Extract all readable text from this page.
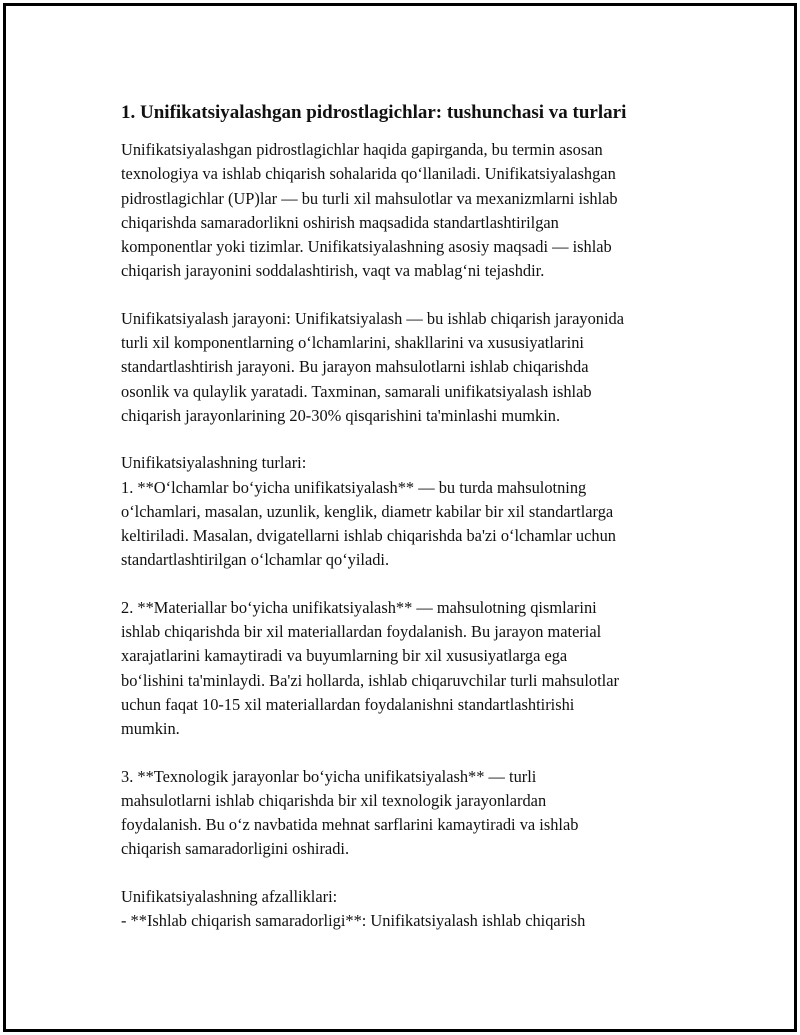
1. Unifikatsiyalashgan pidrostlagichlar: tushunchasi va turlari

Unifikatsiyalashgan pidrostlagichlar haqida gapirganda, bu termin asosan
texnologiya va ishlab chiqarish sohalarida qo‘llaniladi. Unifikatsiyalashgan
pidrostlagichlar (UP)lar — bu turli xil mahsulotlar va mexanizmlarni ishlab
chiqarishda samaradorlikni oshirish maqsadida standartlashtirilgan
komponentlar yoki tizimlar. Unifikatsiyalashning asosiy maqsadi — ishlab
chiqarish jarayonini soddalashtirish, vaqt va mablag‘ni tejashdir.

Unifikatsiyalash jarayoni: Unifikatsiyalash — bu ishlab chiqarish jarayonida
turli xil komponentlarning o‘lchamlarini, shakllarini va xususiyatlarini
standartlashtirish jarayoni. Bu jarayon mahsulotlarni ishlab chiqarishda
osonlik va qulaylik yaratadi. Taxminan, samarali unifikatsiyalash ishlab
chiqarish jarayonlarining 20-30% qisqarishini ta'minlashi mumkin.

Unifikatsiyalashning turlari:
1. **O‘lchamlar bo‘yicha unifikatsiyalash** — bu turda mahsulotning
o‘lchamlari, masalan, uzunlik, kenglik, diametr kabilar bir xil standartlarga
keltiriladi. Masalan, dvigatellarni ishlab chiqarishda ba'zi o‘lchamlar uchun
standartlashtirilgan o‘lchamlar qo‘yiladi.

2. **Materiallar bo‘yicha unifikatsiyalash** — mahsulotning qismlarini
ishlab chiqarishda bir xil materiallardan foydalanish. Bu jarayon material
xarajatlarini kamaytiradi va buyumlarning bir xil xususiyatlarga ega
bo‘lishini ta'minlaydi. Ba'zi hollarda, ishlab chiqaruvchilar turli mahsulotlar
uchun faqat 10-15 xil materiallardan foydalanishni standartlashtirishi
mumkin.

3. **Texnologik jarayonlar bo‘yicha unifikatsiyalash** — turli
mahsulotlarni ishlab chiqarishda bir xil texnologik jarayonlardan
foydalanish. Bu o‘z navbatida mehnat sarflarini kamaytiradi va ishlab
chiqarish samaradorligini oshiradi.

Unifikatsiyalashning afzalliklari:
- **Ishlab chiqarish samaradorligi**: Unifikatsiyalash ishlab chiqarish
